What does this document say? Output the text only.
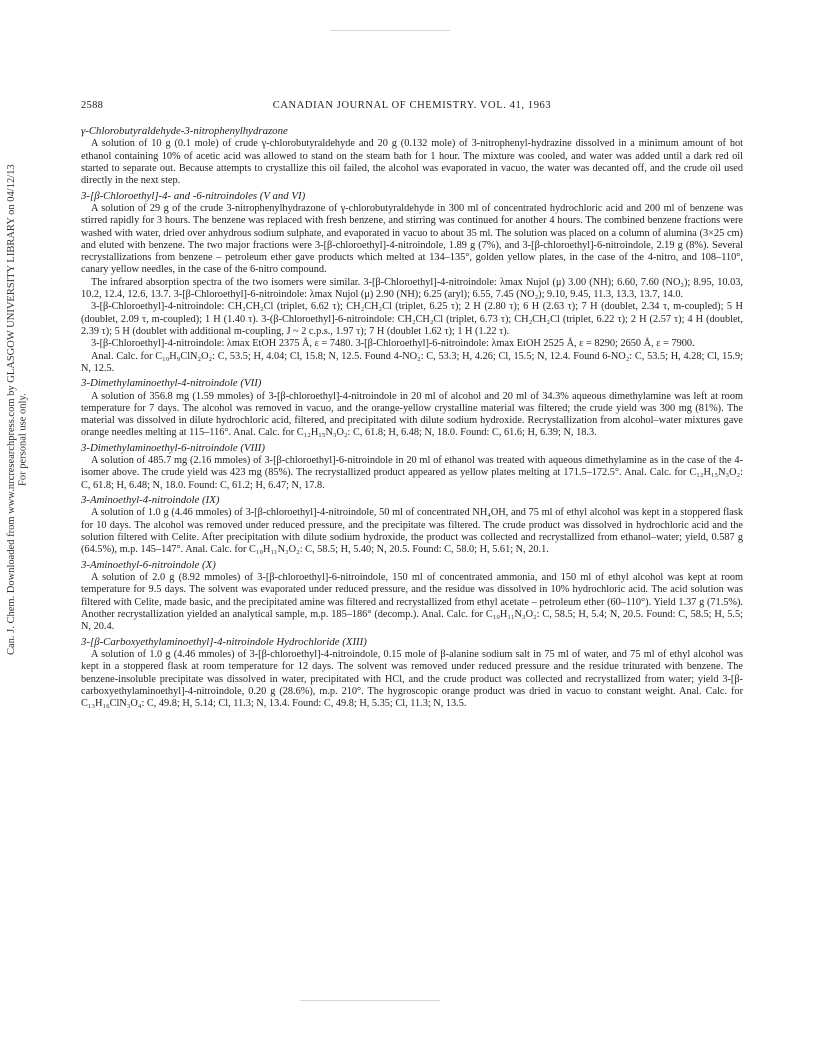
Can. J. Chem. Downloaded from www.nrcresearchpress.com by GLASGOW UNIVERSITY LIBRARY on 04/12/13 For personal use only.
2588	CANADIAN JOURNAL OF CHEMISTRY. VOL. 41, 1963
γ-Chlorobutyraldehyde-3-nitrophenylhydrazone

A solution of 10 g (0.1 mole) of crude γ-chlorobutyraldehyde and 20 g (0.132 mole) of 3-nitrophenyl-hydrazine dissolved in a minimum amount of hot ethanol containing 10% of acetic acid was allowed to stand on the steam bath for 1 hour. The mixture was cooled, and water was added until a dark red oil started to separate out. Because attempts to crystallize this oil failed, the alcohol was evaporated in vacuo, the water was decanted off, and the crude oil used directly in the next step.

3-[β-Chloroethyl]-4- and -6-nitroindoles (V and VI)

A solution of 29 g of the crude 3-nitrophenylhydrazone of γ-chlorobutyraldehyde in 300 ml of concentrated hydrochloric acid and 200 ml of benzene was stirred rapidly for 3 hours. The benzene was replaced with fresh benzene, and stirring was continued for another 4 hours. The combined benzene fractions were washed with water, dried over anhydrous sodium sulphate, and evaporated in vacuo to about 35 ml. The solution was placed on a column of alumina (3×25 cm) and eluted with benzene. The two major fractions were 3-[β-chloroethyl]-4-nitroindole, 1.89 g (7%), and 3-[β-chloroethyl]-6-nitroindole, 2.19 g (8%). Several recrystallizations from benzene – petroleum ether gave products which melted at 134–135°, golden yellow plates, in the case of the 4-nitro, and 108–110°, canary yellow needles, in the case of the 6-nitro compound.

The infrared absorption spectra of the two isomers were similar. 3-[β-Chloroethyl]-4-nitroindole: λmax Nujol (μ) 3.00 (NH); 6.60, 7.60 (NO₂); 8.95, 10.03, 10.2, 12.4, 12.6, 13.7. 3-[β-Chloroethyl]-6-nitroindole: λmax Nujol (μ) 2.90 (NH); 6.25 (aryl); 6.55, 7.45 (NO₂); 9.10, 9.45, 11.3, 13.3, 13.7, 14.0.

3-[β-Chloroethyl]-4-nitroindole: CH₂CH₂Cl (triplet, 6.62 τ); CH₂CH₂Cl (triplet, 6.25 τ); 2 H (2.80 τ); 6 H (2.63 τ); 7 H (doublet, 2.34 τ, m-coupled); 5 H (doublet, 2.09 τ, m-coupled); 1 H (1.40 τ). 3-(β-Chloroethyl]-6-nitroindole: CH₂CH₂Cl (triplet, 6.73 τ); CH₂CH₂Cl (triplet, 6.22 τ); 2 H (2.57 τ); 4 H (doublet, 2.39 τ); 5 H (doublet with additional m-coupling, J ~ 2 c.p.s., 1.97 τ); 7 H (doublet 1.62 τ); 1 H (1.22 τ).

3-[β-Chloroethyl]-4-nitroindole: λmax EtOH 2375 Å, ε = 7480. 3-[β-Chloroethyl]-6-nitroindole: λmax EtOH 2525 Å, ε = 8290; 2650 Å, ε = 7900.

Anal. Calc. for C₁₀H₉ClN₂O₂: C, 53.5; H, 4.04; Cl, 15.8; N, 12.5. Found 4-NO₂: C, 53.3; H, 4.26; Cl, 15.5; N, 12.4. Found 6-NO₂: C, 53.5; H, 4.28; Cl, 15.9; N, 12.5.

3-Dimethylaminoethyl-4-nitroindole (VII)

A solution of 356.8 mg (1.59 mmoles) of 3-[β-chloroethyl]-4-nitroindole in 20 ml of alcohol and 20 ml of 34.3% aqueous dimethylamine was left at room temperature for 7 days. The alcohol was removed in vacuo, and the orange-yellow crystalline material was filtered; the crude yield was 300 mg (81%). The material was dissolved in dilute hydrochloric acid, filtered, and precipitated with dilute sodium hydroxide. Recrystallization from alcohol–water mixtures gave orange needles melting at 115–116°. Anal. Calc. for C₁₂H₁₅N₃O₂: C, 61.8; H, 6.48; N, 18.0. Found: C, 61.6; H, 6.39; N, 18.3.

3-Dimethylaminoethyl-6-nitroindole (VIII)

A solution of 485.7 mg (2.16 mmoles) of 3-[β-chloroethyl]-6-nitroindole in 20 ml of ethanol was treated with aqueous dimethylamine as in the case of the 4-isomer above. The crude yield was 423 mg (85%). The recrystallized product appeared as yellow plates melting at 171.5–172.5°. Anal. Calc. for C₁₂H₁₅N₃O₂: C, 61.8; H, 6.48; N, 18.0. Found: C, 61.2; H, 6.47; N, 17.8.

3-Aminoethyl-4-nitroindole (IX)

A solution of 1.0 g (4.46 mmoles) of 3-[β-chloroethyl]-4-nitroindole, 50 ml of concentrated NH₄OH, and 75 ml of ethyl alcohol was kept in a stoppered flask for 10 days. The alcohol was removed under reduced pressure, and the precipitate was filtered. The crude product was dissolved in hydrochloric acid and the solution filtered with Celite. After precipitation with dilute sodium hydroxide, the product was collected and recrystallized from ethanol–water; yield, 0.587 g (64.5%), m.p. 145–147°. Anal. Calc. for C₁₀H₁₁N₃O₂: C, 58.5; H, 5.40; N, 20.5. Found: C, 58.0; H, 5.61; N, 20.1.

3-Aminoethyl-6-nitroindole (X)

A solution of 2.0 g (8.92 mmoles) of 3-[β-chloroethyl]-6-nitroindole, 150 ml of concentrated ammonia, and 150 ml of ethyl alcohol was kept at room temperature for 9.5 days. The solvent was evaporated under reduced pressure, and the residue was dissolved in 10% hydrochloric acid. The acid solution was filtered with Celite, made basic, and the precipitated amine was filtered and recrystallized from ethyl acetate – petroleum ether (60–110°). Yield 1.37 g (71.5%). Another recrystallization yielded an analytical sample, m.p. 185–186° (decomp.). Anal. Calc. for C₁₀H₁₁N₃O₂: C, 58.5; H, 5.4; N, 20.5. Found: C, 58.5; H, 5.5; N, 20.4.

3-[β-Carboxyethylaminoethyl]-4-nitroindole Hydrochloride (XIII)

A solution of 1.0 g (4.46 mmoles) of 3-[β-chloroethyl]-4-nitroindole, 0.15 mole of β-alanine sodium salt in 75 ml of water, and 75 ml of ethyl alcohol was kept in a stoppered flask at room temperature for 12 days. The solvent was removed under reduced pressure and the residue triturated with benzene. The benzene-insoluble precipitate was dissolved in water, precipitated with HCl, and the crude product was collected and recrystallized from water; yield 3-[β-carboxyethylaminoethyl]-4-nitroindole, 0.20 g (28.6%), m.p. 210°. The hygroscopic orange product was dried in vacuo to constant weight. Anal. Calc. for C₁₃H₁₆ClN₃O₄: C, 49.8; H, 5.14; Cl, 11.3; N, 13.4. Found: C, 49.8; H, 5.35; Cl, 11.3; N, 13.5.
